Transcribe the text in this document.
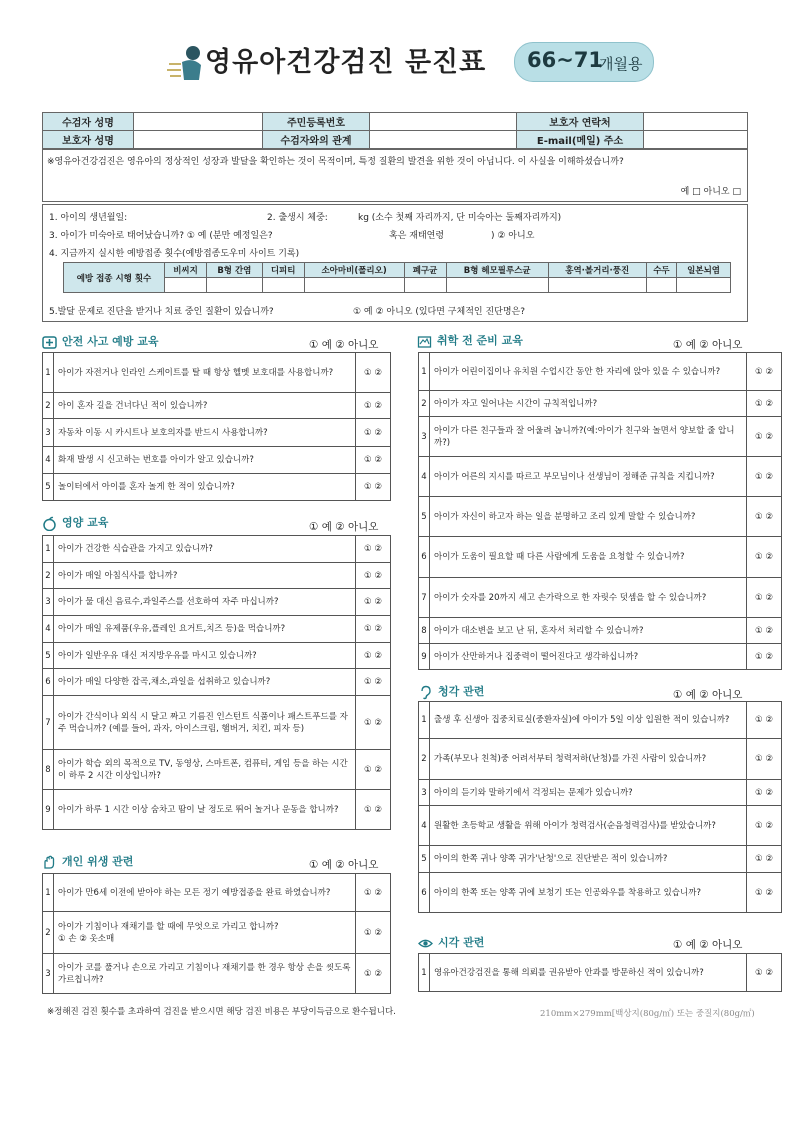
영유아건강검진 문진표 66~71
개월용
수검자 성명		주민등록번호		보호자 연락처	
보호자 성명		수검자와의 관계		E-mail(메일) 주소	
※영유아건강검진은 영유아의 정상적인 성장과 발달을 확인하는 것이 목적이며, 특정 질환의 발견을 위한 것이 아닙니다. 이 사실을 이해하셨습니까?
예 □ 아니오 □
1. 아이의 생년월일:	2. 출생시 체중:	kg (소수 첫째 자리까지, 단 미숙아는 둘째자리까지)
3. 아이가 미숙아로 태어났습니까? ① 예 (분만 예정일은?	혹은 재태연령	) ② 아니오
4. 지금까지 실시한 예방접종 횟수(예방접종도우미 사이트 기록)
예방 접종 시행 횟수	비씨지	B형 간염	디피티	소아마비(폴리오)	폐구균	B형 헤모필루스균	홍역·볼거리·풍진	수두	일본뇌염

5.발달 문제로 진단을 받거나 치료 중인 질환이 있습니까?	① 예 ② 아니오 (있다면 구체적인 진단명은?
안전 사고 예방 교육	① 예 ② 아니오
1	아이가 자전거나 인라인 스케이트를 탈 때 항상 헬멧 보호대를 사용합니까?	① ②
2	아이 혼자 길을 건너다닌 적이 있습니까?	① ②
3	자동차 이동 시 카시트나 보호의자를 반드시 사용합니까?	① ②
4	화재 발생 시 신고하는 번호를 아이가 알고 있습니까?	① ②
5	놀이터에서 아이를 혼자 놀게 한 적이 있습니까?	① ②
영양 교육	① 예 ② 아니오
1	아이가 건강한 식습관을 가지고 있습니까?	① ②
2	아이가 매일 아침식사를 합니까?	① ②
3	아이가 물 대신 음료수,과일주스를 선호하여 자주 마십니까?	① ②
4	아이가 매일 유제품(우유,플레인 요거트,치즈 등)을 먹습니까?	① ②
5	아이가 일반우유 대신 저지방우유를 마시고 있습니까?	① ②
6	아이가 매일 다양한 잡곡,채소,과일을 섭취하고 있습니까?	① ②
7	아이가 간식이나 외식 시 달고 짜고 기름진 인스턴트 식품이나 패스트푸드를 자주 먹습니까? (예를 들어, 과자, 아이스크림, 햄버거, 치킨, 피자 등)	① ②
8	아이가 학습 외의 목적으로 TV, 동영상, 스마트폰, 컴퓨터, 게임 등을 하는 시간이 하루 2 시간 이상입니까?	① ②
9	아이가 하루 1 시간 이상 숨차고 땀이 날 정도로 뛰어 놀거나 운동을 합니까?	① ②
개인 위생 관련	① 예 ② 아니오
1	아이가 만6세 이전에 받아야 하는 모든 정기 예방접종을 완료 하였습니까?	① ②
2	아이가 기침이나 재채기를 할 때에 무엇으로 가리고 합니까?
① 손 ② 옷소매	① ②
3	아이가 코를 풀거나 손으로 가리고 기침이나 재채기를 한 경우 항상 손을 씻도록 가르칩니까?	① ②
취학 전 준비 교육	① 예 ② 아니오
1	아이가 어린이집이나 유치원 수업시간 동안 한 자리에 앉아 있을 수 있습니까?	① ②
2	아이가 자고 일어나는 시간이 규칙적입니까?	① ②
3	아이가 다른 친구들과 잘 어울려 놉니까?(예:아이가 친구와 놀면서 양보할 줄 압니까?)	① ②
4	아이가 어른의 지시를 따르고 부모님이나 선생님이 정해준 규칙을 지킵니까?	① ②
5	아이가 자신이 하고자 하는 일을 분명하고 조리 있게 말할 수 있습니까?	① ②
6	아이가 도움이 필요할 때 다른 사람에게 도움을 요청할 수 있습니까?	① ②
7	아이가 숫자를 20까지 세고 손가락으로 한 자릿수 덧셈을 할 수 있습니까?	① ②
8	아이가 대소변을 보고 난 뒤, 혼자서 처리할 수 있습니까?	① ②
9	아이가 산만하거나 집중력이 떨어진다고 생각하십니까?	① ②
청각 관련	① 예 ② 아니오
1	출생 후 신생아 집중치료실(중환자실)에 아이가 5일 이상 입원한 적이 있습니까?	① ②
2	가족(부모나 친척)중 어려서부터 청력저하(난청)를 가진 사람이 있습니까?	① ②
3	아이의 듣기와 말하기에서 걱정되는 문제가 있습니까?	① ②
4	원활한 초등학교 생활을 위해 아이가 청력검사(순음청력검사)를 받았습니까?	① ②
5	아이의 한쪽 귀나 양쪽 귀가'난청'으로 진단받은 적이 있습니까?	① ②
6	아이의 한쪽 또는 양쪽 귀에 보청기 또는 인공와우를 착용하고 있습니까?	① ②
시각 관련	① 예 ② 아니오
1	영유아건강검진을 통해 의뢰를 권유받아 안과를 방문하신 적이 있습니까?	① ②
※정해진 검진 횟수를 초과하여 검진을 받으시면 해당 검진 비용은 부당이득금으로 환수됩니다.	210mm×279mm[백상지(80g/㎡) 또는 중질지(80g/㎡)
